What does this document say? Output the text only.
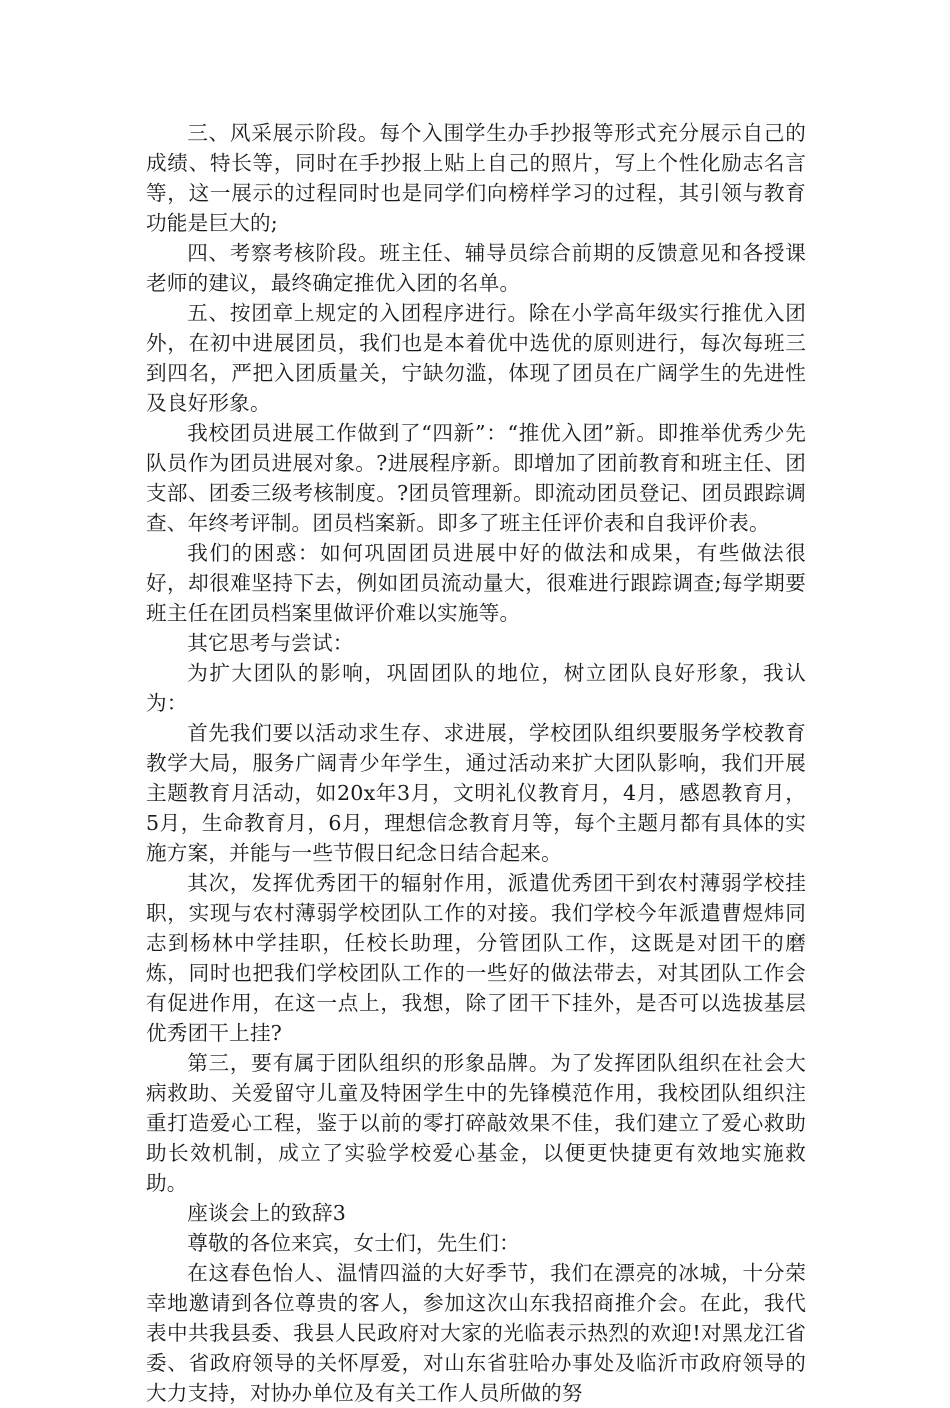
三、风采展示阶段。每个入围学生办手抄报等形式充分展示自己的成绩、特长等，同时在手抄报上贴上自己的照片，写上个性化励志名言等，这一展示的过程同时也是同学们向榜样学习的过程，其引领与教育功能是巨大的;

四、考察考核阶段。班主任、辅导员综合前期的反馈意见和各授课老师的建议，最终确定推优入团的名单。

五、按团章上规定的入团程序进行。除在小学高年级实行推优入团外，在初中进展团员，我们也是本着优中选优的原则进行，每次每班三到四名，严把入团质量关，宁缺勿滥，体现了团员在广阔学生的先进性及良好形象。

我校团员进展工作做到了“四新”：“推优入团”新。即推举优秀少先队员作为团员进展对象。?进展程序新。即增加了团前教育和班主任、团支部、团委三级考核制度。?团员管理新。即流动团员登记、团员跟踪调查、年终考评制。团员档案新。即多了班主任评价表和自我评价表。

我们的困惑：如何巩固团员进展中好的做法和成果，有些做法很好，却很难坚持下去，例如团员流动量大，很难进行跟踪调查;每学期要班主任在团员档案里做评价难以实施等。

其它思考与尝试：

为扩大团队的影响，巩固团队的地位，树立团队良好形象，我认为：

首先我们要以活动求生存、求进展，学校团队组织要服务学校教育教学大局，服务广阔青少年学生，通过活动来扩大团队影响，我们开展主题教育月活动，如20x年3月，文明礼仪教育月，4月，感恩教育月，5月，生命教育月，6月，理想信念教育月等，每个主题月都有具体的实施方案，并能与一些节假日纪念日结合起来。

其次，发挥优秀团干的辐射作用，派遣优秀团干到农村薄弱学校挂职，实现与农村薄弱学校团队工作的对接。我们学校今年派遣曹煜炜同志到杨林中学挂职，任校长助理，分管团队工作，这既是对团干的磨炼，同时也把我们学校团队工作的一些好的做法带去，对其团队工作会有促进作用，在这一点上，我想，除了团干下挂外，是否可以选拔基层优秀团干上挂?

第三，要有属于团队组织的形象品牌。为了发挥团队组织在社会大病救助、关爱留守儿童及特困学生中的先锋模范作用，我校团队组织注重打造爱心工程，鉴于以前的零打碎敲效果不佳，我们建立了爱心救助助长效机制，成立了实验学校爱心基金，以便更快捷更有效地实施救助。

座谈会上的致辞3

尊敬的各位来宾，女士们，先生们：

在这春色怡人、温情四溢的大好季节，我们在漂亮的冰城，十分荣幸地邀请到各位尊贵的客人，参加这次山东我招商推介会。在此，我代表中共我县委、我县人民政府对大家的光临表示热烈的欢迎!对黑龙江省委、省政府领导的关怀厚爱，对山东省驻哈办事处及临沂市政府领导的大力支持，对协办单位及有关工作人员所做的努
